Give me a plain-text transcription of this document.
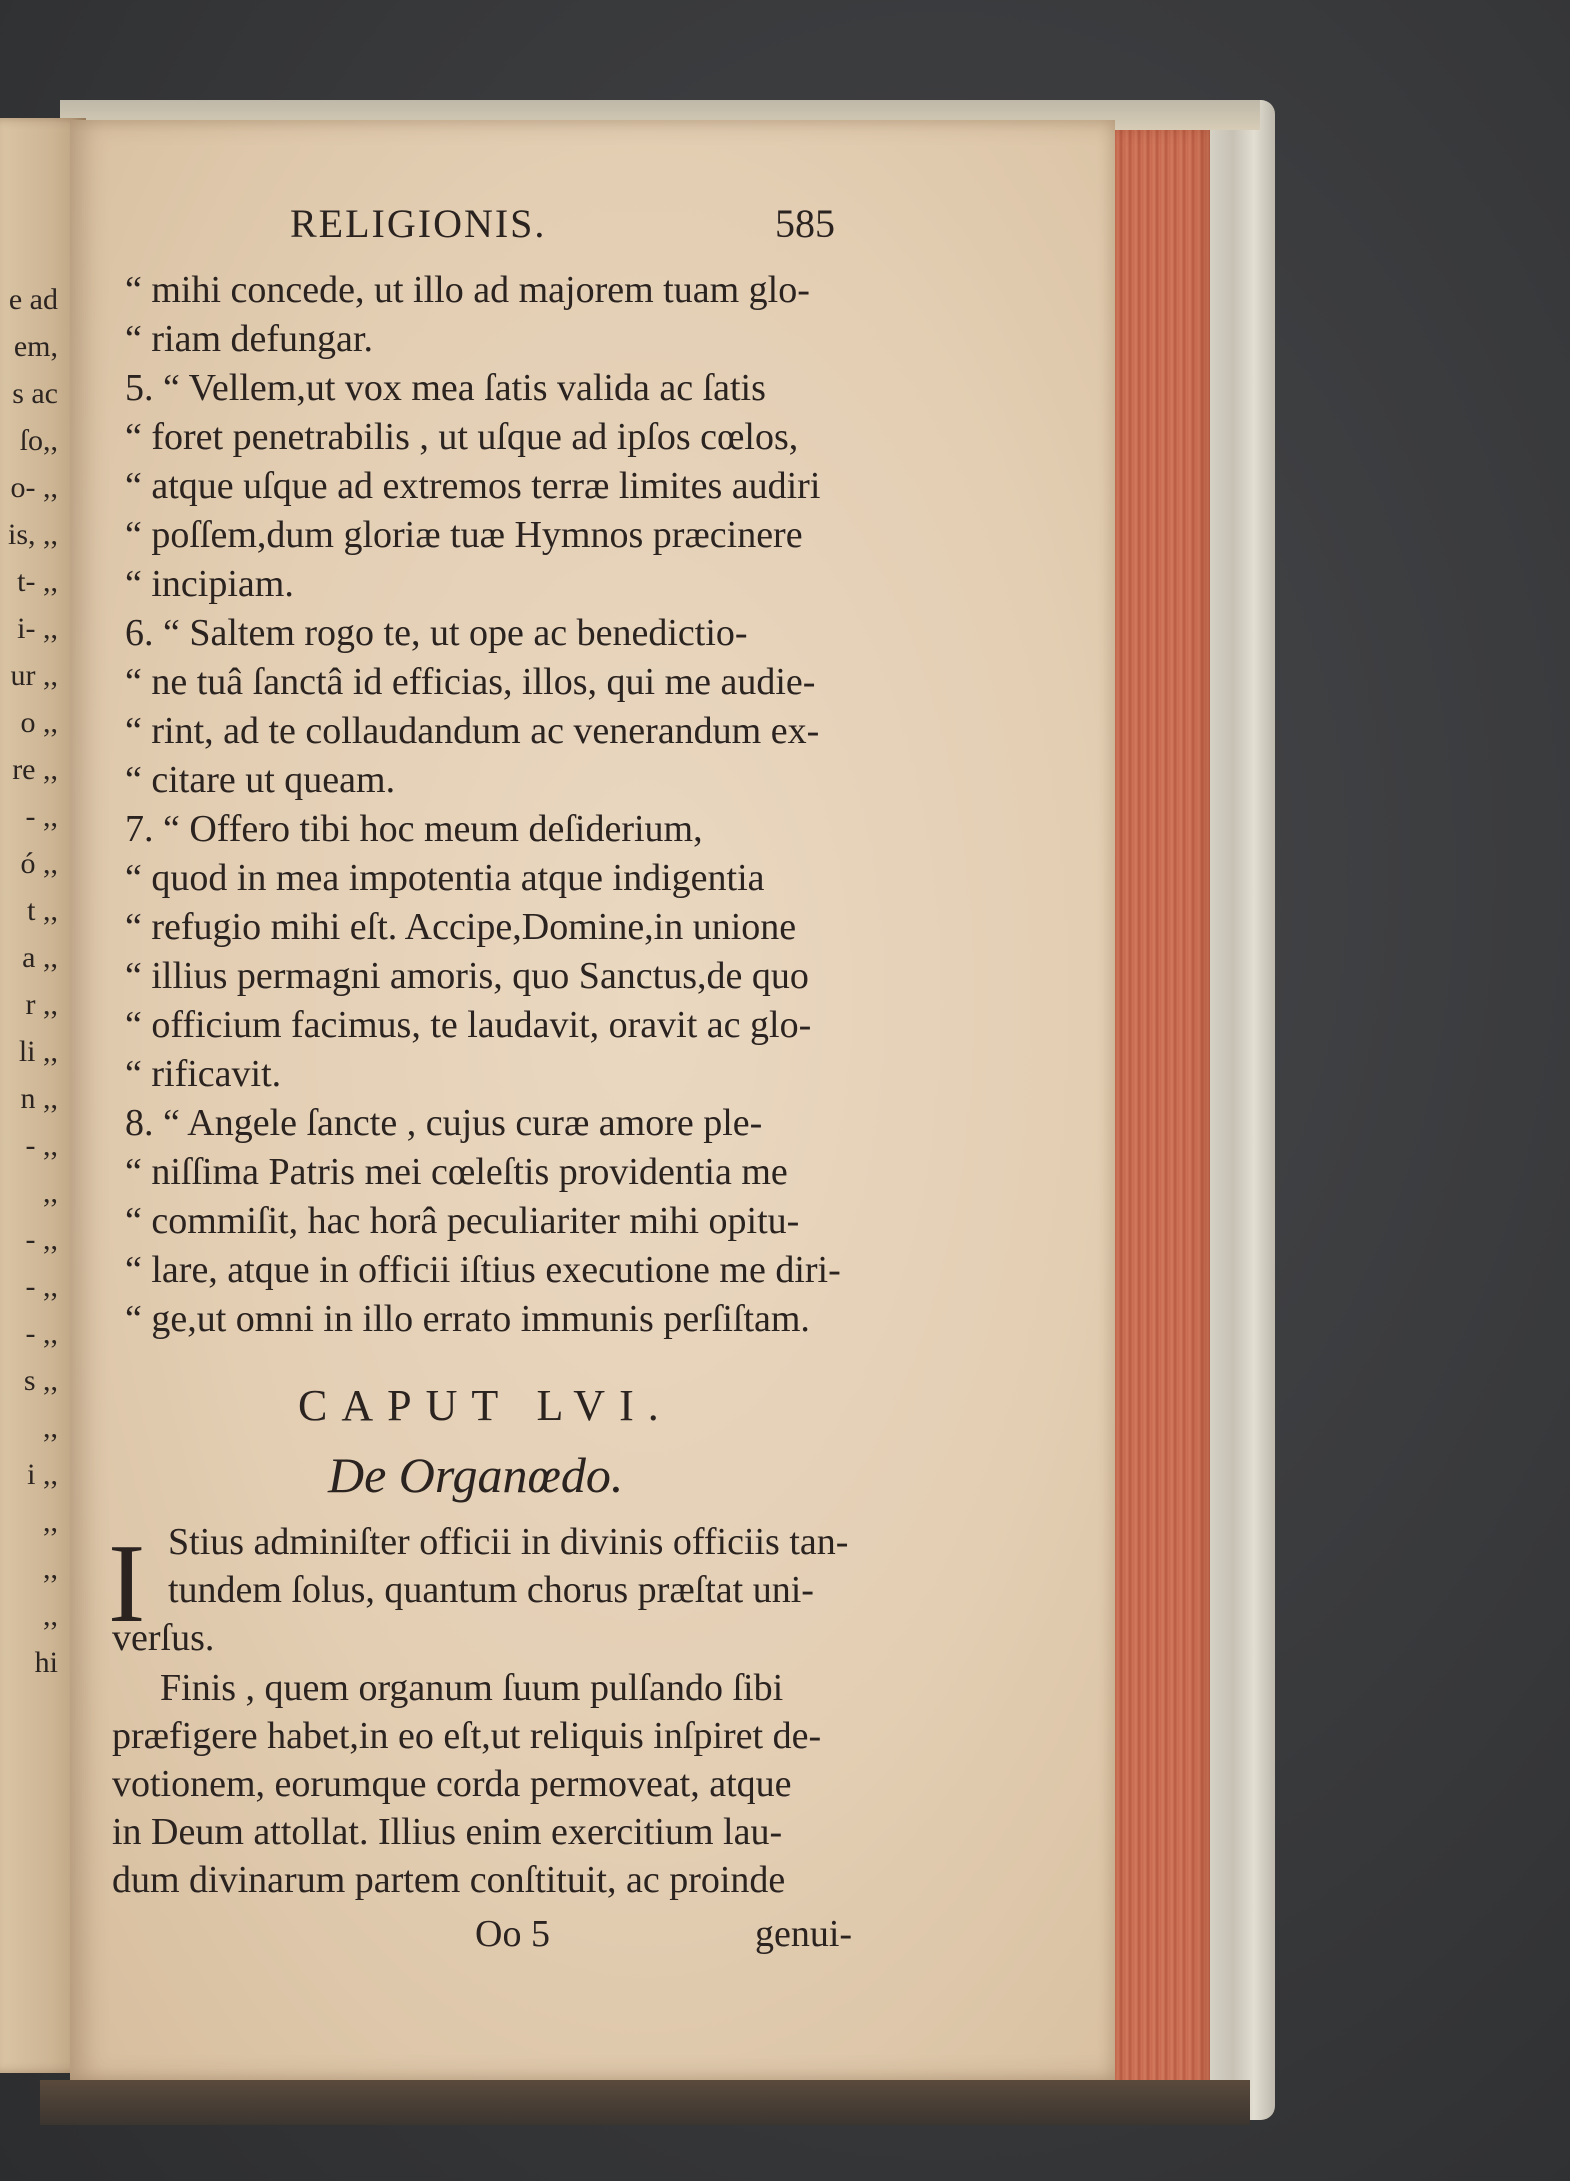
e ad
em,
s ac
ſo,,
o- ,,
is, ,,
t- ,,
i- ,,
ur ,,
o ,,
re ,,
- ,,
ó ,,
t ,,
a ,,
r ,,
li ,,
n ,,
- ,,
,,
- ,,
- ,,
- ,,
s ,,
,,
i ,,
,,
,,
,,
hi
RELIGIONIS.	585
“ mihi concede, ut illo ad majorem tuam glo-
“ riam defungar.
5. “ Vellem,ut vox mea ſatis valida ac ſatis
“ foret penetrabilis , ut uſque ad ipſos cœlos,
“ atque uſque ad extremos terræ limites audiri
“ poſſem,dum gloriæ tuæ Hymnos præcinere
“ incipiam.
6. “ Saltem rogo te, ut ope ac benedictio-
“ ne tuâ ſanctâ id efficias, illos, qui me audie-
“ rint, ad te collaudandum ac venerandum ex-
“ citare ut queam.
7. “ Offero tibi hoc meum deſiderium,
“ quod in mea impotentia atque indigentia
“ refugio mihi eſt. Accipe,Domine,in unione
“ illius permagni amoris, quo Sanctus,de quo
“ officium facimus, te laudavit, oravit ac glo-
“ rificavit.
8. “ Angele ſancte , cujus curæ amore ple-
“ niſſima Patris mei cœleſtis providentia me
“ commiſit, hac horâ peculiariter mihi opitu-
“ lare, atque in officii iſtius executione me diri-
“ ge,ut omni in illo errato immunis perſiſtam.
CAPUT LVI.
De Organœdo.
I Stius adminiſter officii in divinis officiis tan-
tundem ſolus, quantum chorus præſtat uni-
verſus.
Finis , quem organum ſuum pulſando ſibi
præfigere habet,in eo eſt,ut reliquis inſpiret de-
votionem, eorumque corda permoveat, atque
in Deum attollat. Illius enim exercitium lau-
dum divinarum partem conſtituit, ac proinde
Oo 5	genui-
